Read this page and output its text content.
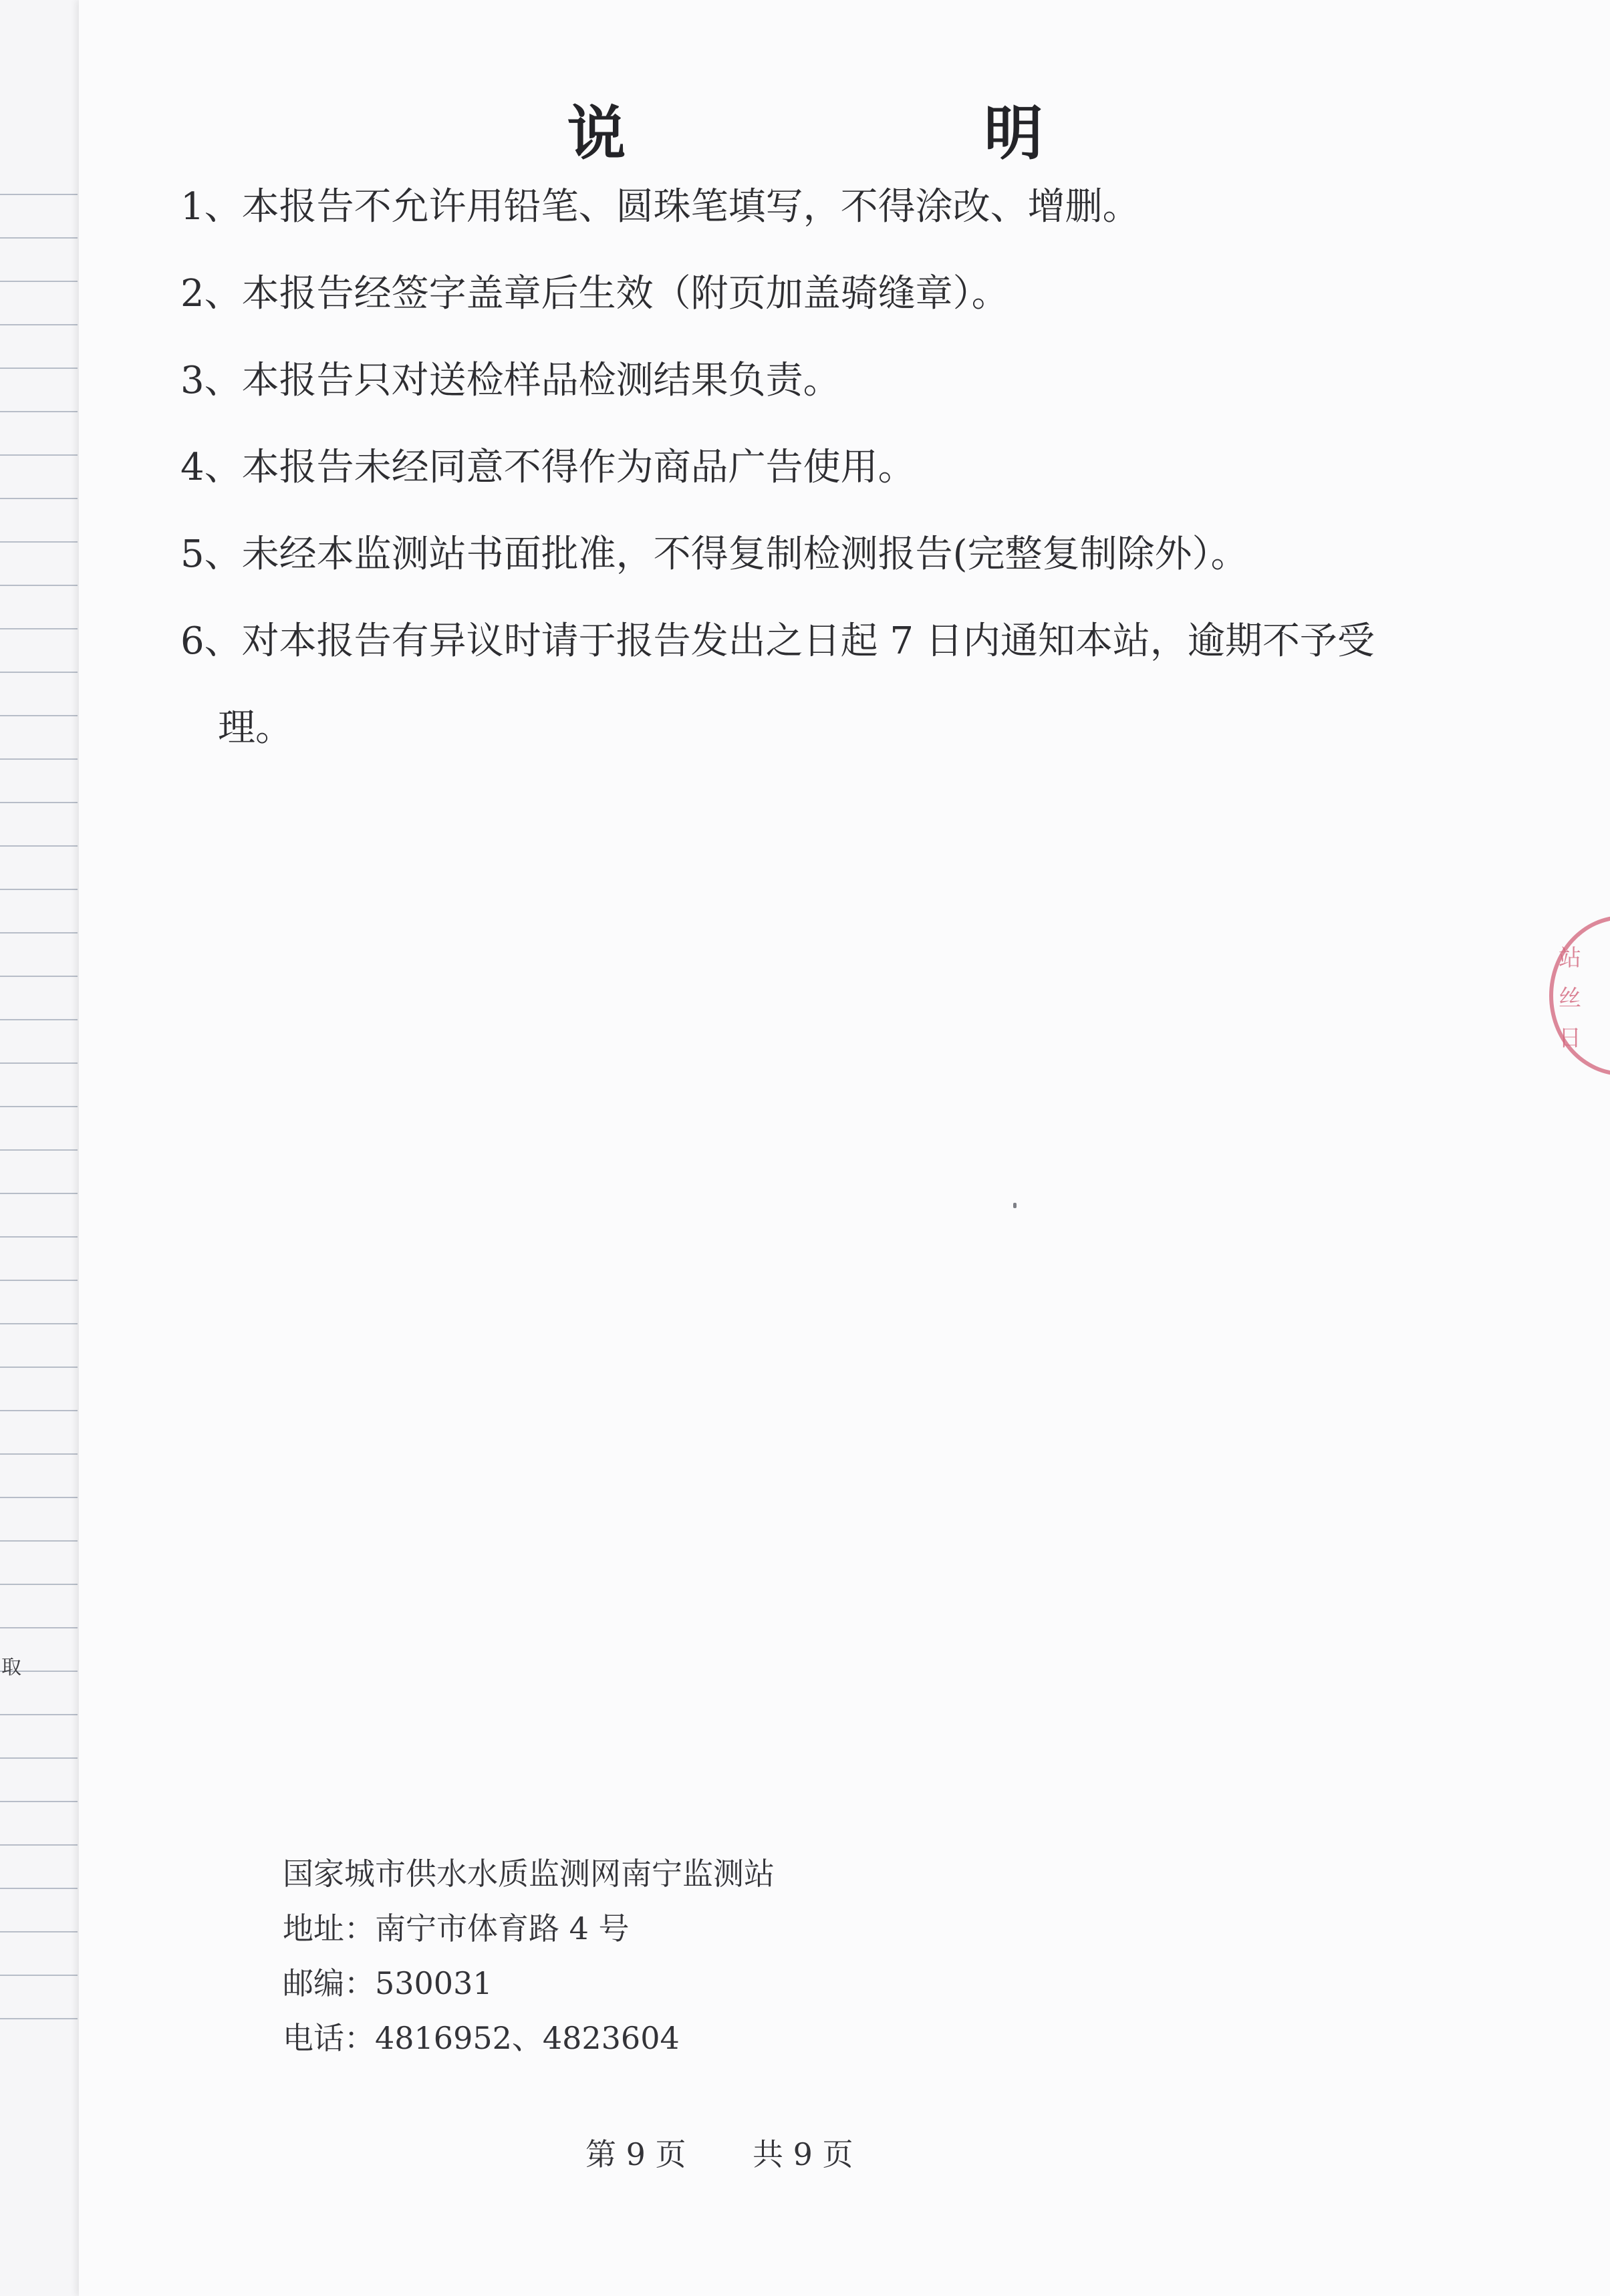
取
说　　明
1、本报告不允许用铅笔、圆珠笔填写，不得涂改、增删。
2、本报告经签字盖章后生效（附页加盖骑缝章）。
3、本报告只对送检样品检测结果负责。
4、本报告未经同意不得作为商品广告使用。
5、未经本监测站书面批准，不得复制检测报告(完整复制除外）。
6、对本报告有异议时请于报告发出之日起 7 日内通知本站，逾期不予受
理。
国家城市供水水质监测网南宁监测站
地址：南宁市体育路 4 号
邮编：530031
电话：4816952、4823604
第 9 页 共 9 页
站
丝
日
